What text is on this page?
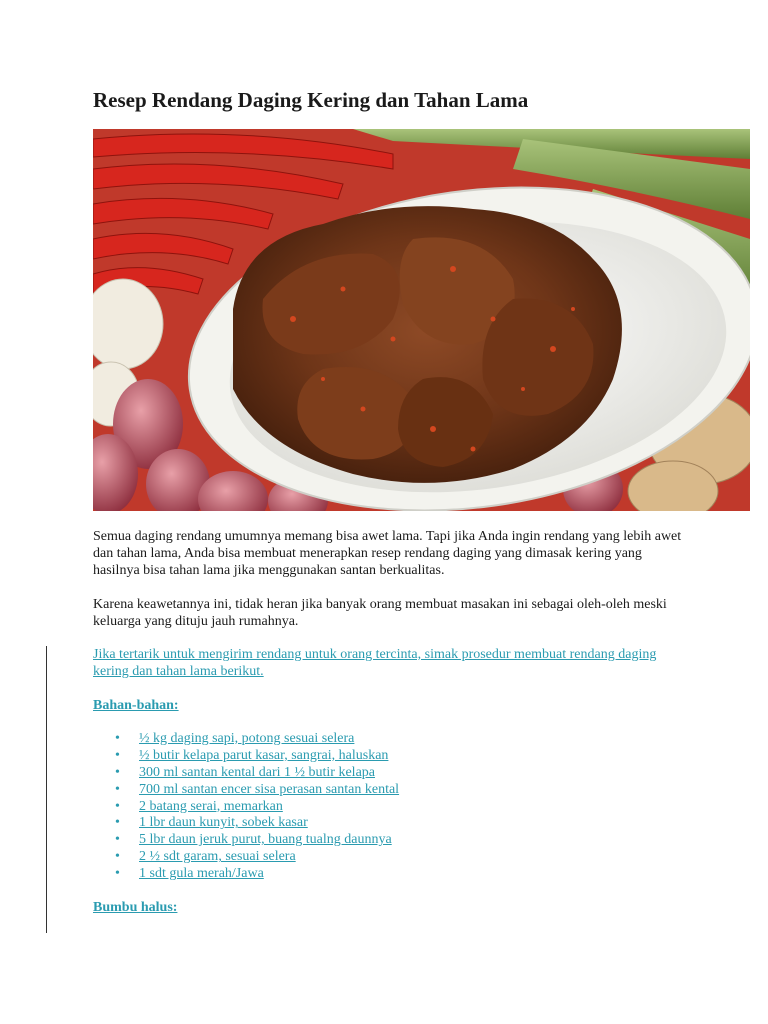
Resep Rendang Daging Kering dan Tahan Lama

Semua daging rendang umumnya memang bisa awet lama. Tapi jika Anda ingin rendang yang lebih awet dan tahan lama, Anda bisa membuat menerapkan resep rendang daging yang dimasak kering yang hasilnya bisa tahan lama jika menggunakan santan berkualitas.

Karena keawetannya ini, tidak heran jika banyak orang membuat masakan ini sebagai oleh-oleh meski keluarga yang dituju jauh rumahnya.

Jika tertarik untuk mengirim rendang untuk orang tercinta, simak prosedur membuat rendang daging kering dan tahan lama berikut.

Bahan-bahan:

•	½ kg daging sapi, potong sesuai selera
•	½ butir kelapa parut kasar, sangrai, haluskan
•	300 ml santan kental dari 1 ½ butir kelapa
•	700 ml santan encer sisa perasan santan kental
•	2 batang serai, memarkan
•	1 lbr daun kunyit, sobek kasar
•	5 lbr daun jeruk purut, buang tualng daunnya
•	2 ½ sdt garam, sesuai selera
•	1 sdt gula merah/Jawa

Bumbu halus:
